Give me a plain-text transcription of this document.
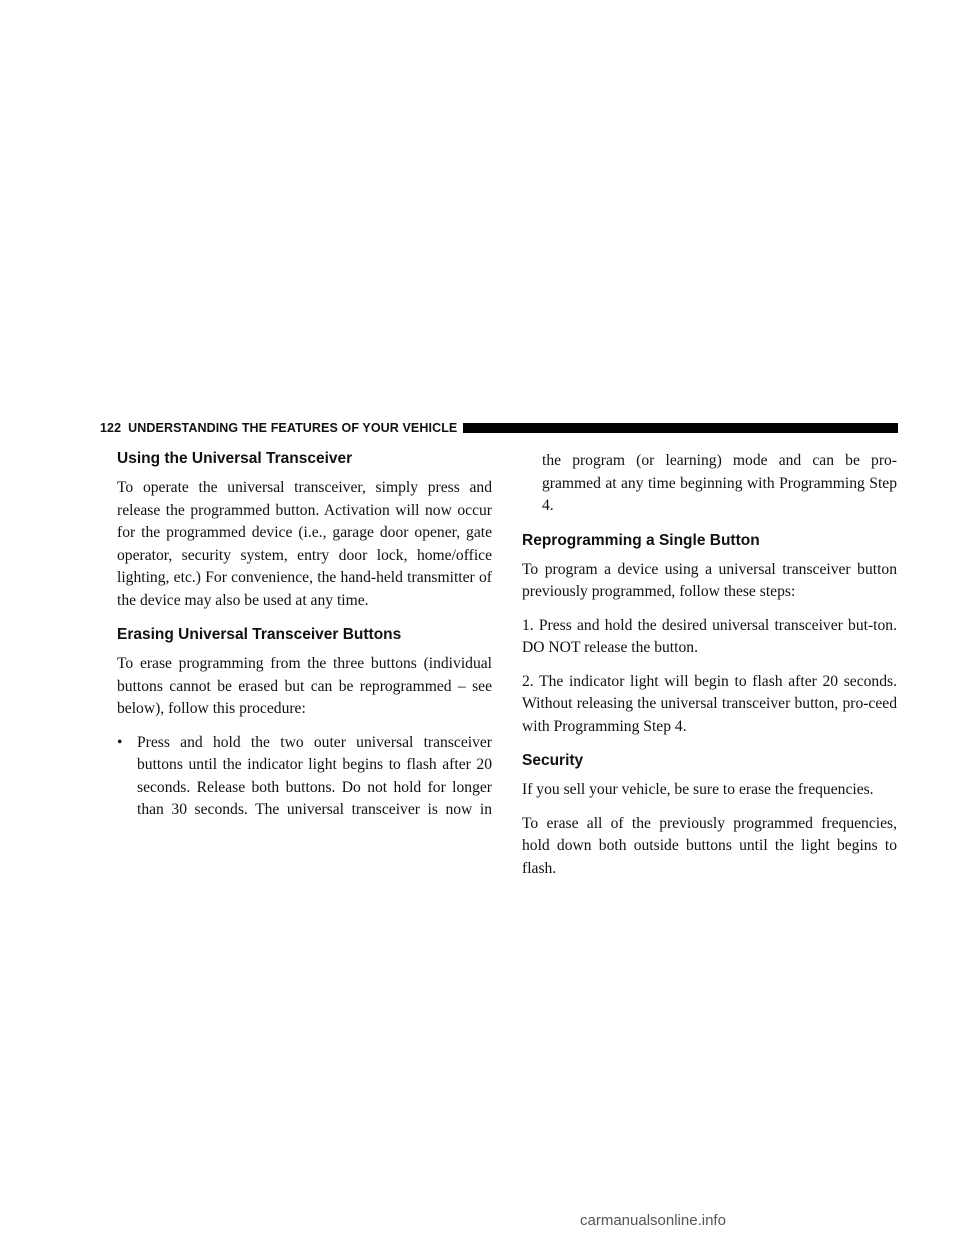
122 UNDERSTANDING THE FEATURES OF YOUR VEHICLE
Using the Universal Transceiver

To operate the universal transceiver, simply press and release the programmed button. Activation will now occur for the programmed device (i.e., garage door opener, gate operator, security system, entry door lock, home/office lighting, etc.) For convenience, the hand-held transmitter of the device may also be used at any time.

Erasing Universal Transceiver Buttons

To erase programming from the three buttons (individual buttons cannot be erased but can be reprogrammed – see below), follow this procedure:

• Press and hold the two outer universal transceiver buttons until the indicator light begins to flash after 20 seconds. Release both buttons. Do not hold for longer than 30 seconds. The universal transceiver is now in

the program (or learning) mode and can be pro-grammed at any time beginning with Programming Step 4.

Reprogramming a Single Button

To program a device using a universal transceiver button previously programmed, follow these steps:

1. Press and hold the desired universal transceiver but-ton. DO NOT release the button.

2. The indicator light will begin to flash after 20 seconds. Without releasing the universal transceiver button, pro-ceed with Programming Step 4.

Security

If you sell your vehicle, be sure to erase the frequencies.

To erase all of the previously programmed frequencies, hold down both outside buttons until the light begins to flash.

carmanualsonline.info
